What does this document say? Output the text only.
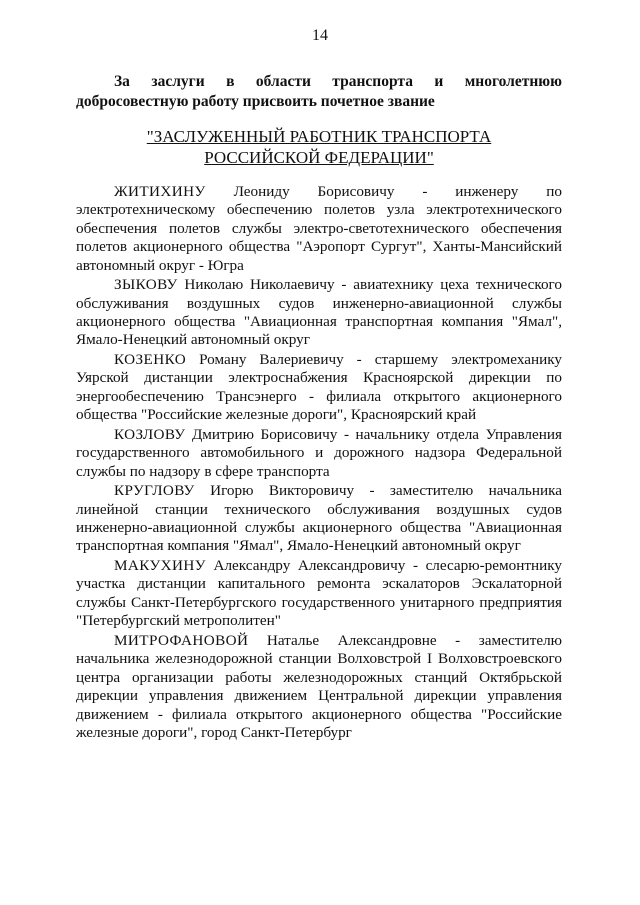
14
За заслуги в области транспорта и многолетнюю
добросовестную работу присвоить почетное звание
"ЗАСЛУЖЕННЫЙ РАБОТНИК ТРАНСПОРТА
РОССИЙСКОЙ ФЕДЕРАЦИИ"

ЖИТИХИНУ Леониду Борисовичу - инженеру по электротехническому обеспечению полетов узла электротехнического обеспечения полетов службы электро-светотехнического обеспечения полетов акционерного общества "Аэропорт Сургут", Ханты-Мансийский автономный округ - Югра

ЗЫКОВУ Николаю Николаевичу - авиатехнику цеха технического обслуживания воздушных судов инженерно-авиационной службы акционерного общества "Авиационная транспортная компания "Ямал", Ямало-Ненецкий автономный округ

КОЗЕНКО Роману Валериевичу - старшему электромеханику Уярской дистанции электроснабжения Красноярской дирекции по энергообеспечению Трансэнерго - филиала открытого акционерного общества "Российские железные дороги", Красноярский край

КОЗЛОВУ Дмитрию Борисовичу - начальнику отдела Управления государственного автомобильного и дорожного надзора Федеральной службы по надзору в сфере транспорта

КРУГЛОВУ Игорю Викторовичу - заместителю начальника линейной станции технического обслуживания воздушных судов инженерно-авиационной службы акционерного общества "Авиационная транспортная компания "Ямал", Ямало-Ненецкий автономный округ

МАКУХИНУ Александру Александровичу - слесарю-ремонтнику участка дистанции капитального ремонта эскалаторов Эскалаторной службы Санкт-Петербургского государственного унитарного предприятия "Петербургский метрополитен"

МИТРОФАНОВОЙ Наталье Александровне - заместителю начальника железнодорожной станции Волховстрой I Волховстроевского центра организации работы железнодорожных станций Октябрьской дирекции управления движением Центральной дирекции управления движением - филиала открытого акционерного общества "Российские железные дороги", город Санкт-Петербург
